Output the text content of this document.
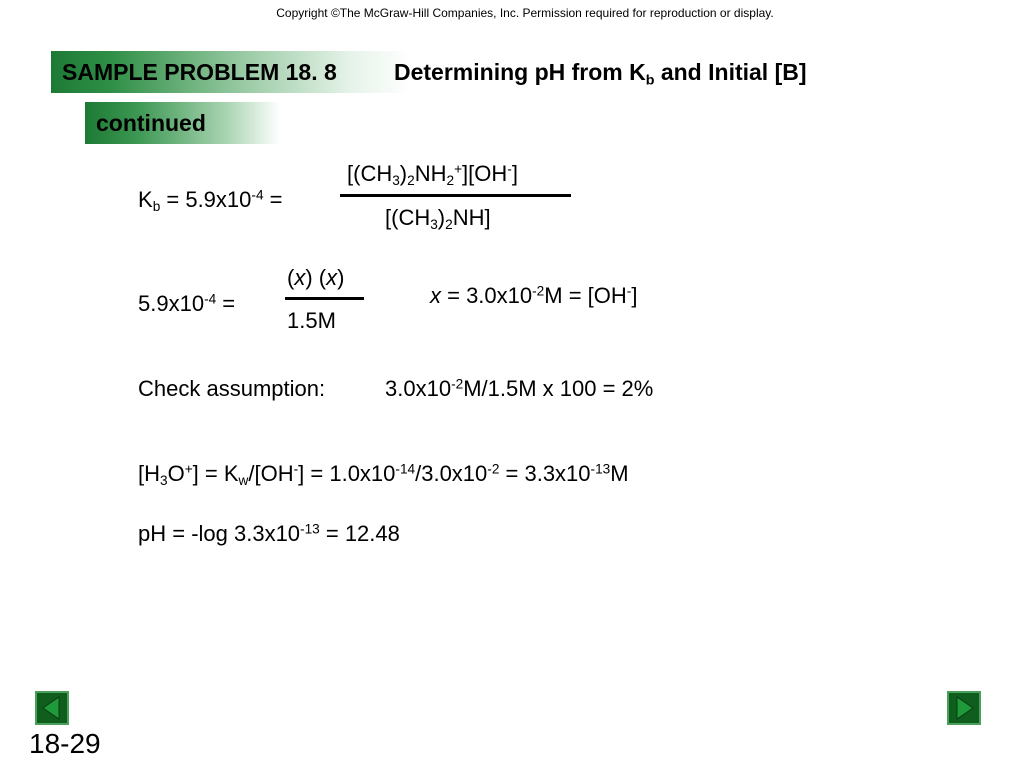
Copyright ©The McGraw-Hill Companies, Inc. Permission required for reproduction or display.
SAMPLE PROBLEM 18. 8 Determining pH from $K_b$ and Initial [B]
continued
$K_b = 5.9x10^{-4}$ =
$[(CH_3)_2NH_2^+][OH^-]$
$[(CH_3)_2NH]$
$5.9x10^{-4}$ =
(x) (x)
1.5M
$x = 3.0x10^{-2}M = [OH^-]$
Check assumption:	$3.0x10^{-2}M/1.5M$ x 100 = 2%
$[H_3O^+] = K_w/[OH^-] = 1.0x10^{-14}/3.0x10^{-2} = 3.3x10^{-13}M$
pH = -log $3.3x10^{-13} = 12.48$
18-29
